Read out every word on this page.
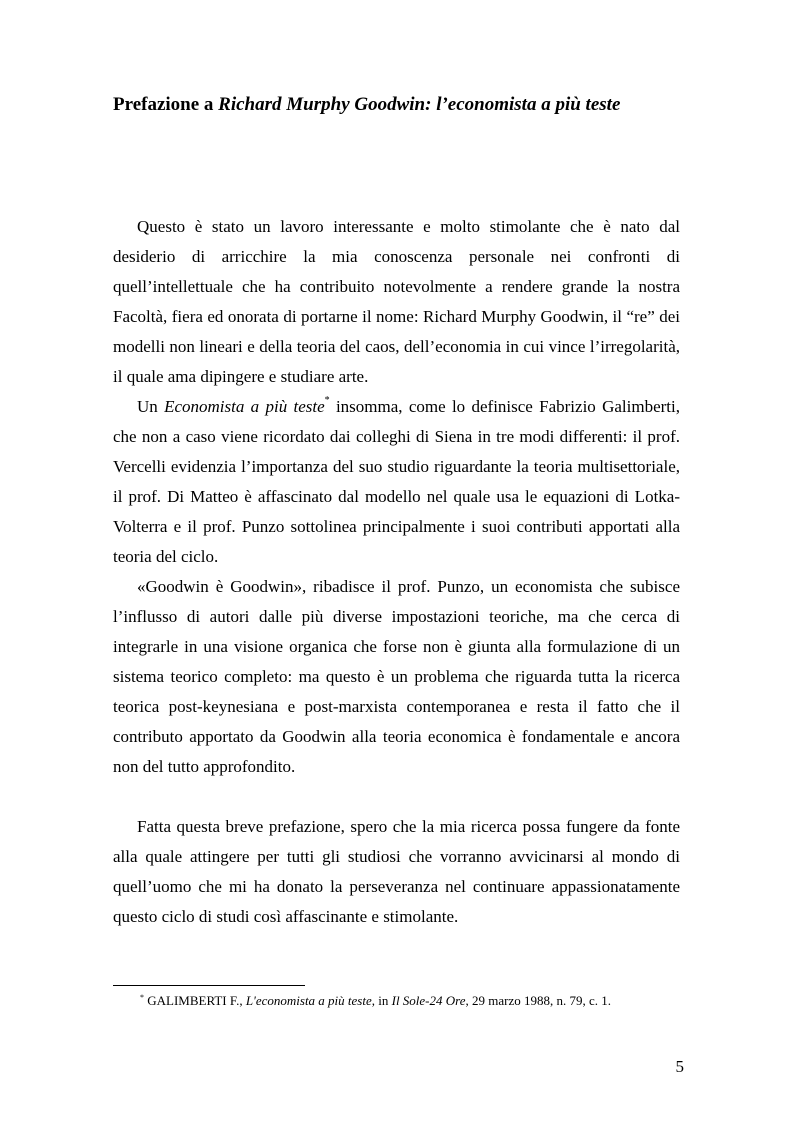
Prefazione a Richard Murphy Goodwin: l’economista a più teste

Questo è stato un lavoro interessante e molto stimolante che è nato dal desiderio di arricchire la mia conoscenza personale nei confronti di quell’intellettuale che ha contribuito notevolmente a rendere grande la nostra Facoltà, fiera ed onorata di portarne il nome: Richard Murphy Goodwin, il “re” dei modelli non lineari e della teoria del caos, dell’economia in cui vince l’irregolarità, il quale ama dipingere e studiare arte.

Un Economista a più teste* insomma, come lo definisce Fabrizio Galimberti, che non a caso viene ricordato dai colleghi di Siena in tre modi differenti: il prof. Vercelli evidenzia l’importanza del suo studio riguardante la teoria multisettoriale, il prof. Di Matteo è affascinato dal modello nel quale usa le equazioni di Lotka-Volterra e il prof. Punzo sottolinea principalmente i suoi contributi apportati alla teoria del ciclo.

«Goodwin è Goodwin», ribadisce il prof. Punzo, un economista che subisce l’influsso di autori dalle più diverse impostazioni teoriche, ma che cerca di integrarle in una visione organica che forse non è giunta alla formulazione di un sistema teorico completo: ma questo è un problema che riguarda tutta la ricerca teorica post-keynesiana e post-marxista contemporanea e resta il fatto che il contributo apportato da Goodwin alla teoria economica è fondamentale e ancora non del tutto approfondito.

Fatta questa breve prefazione, spero che la mia ricerca possa fungere da fonte alla quale attingere per tutti gli studiosi che vorranno avvicinarsi al mondo di quell’uomo che mi ha donato la perseveranza nel continuare appassionatamente questo ciclo di studi così affascinante e stimolante.

* GALIMBERTI F., L'economista a più teste, in Il Sole-24 Ore, 29 marzo 1988, n. 79, c. 1.
5
